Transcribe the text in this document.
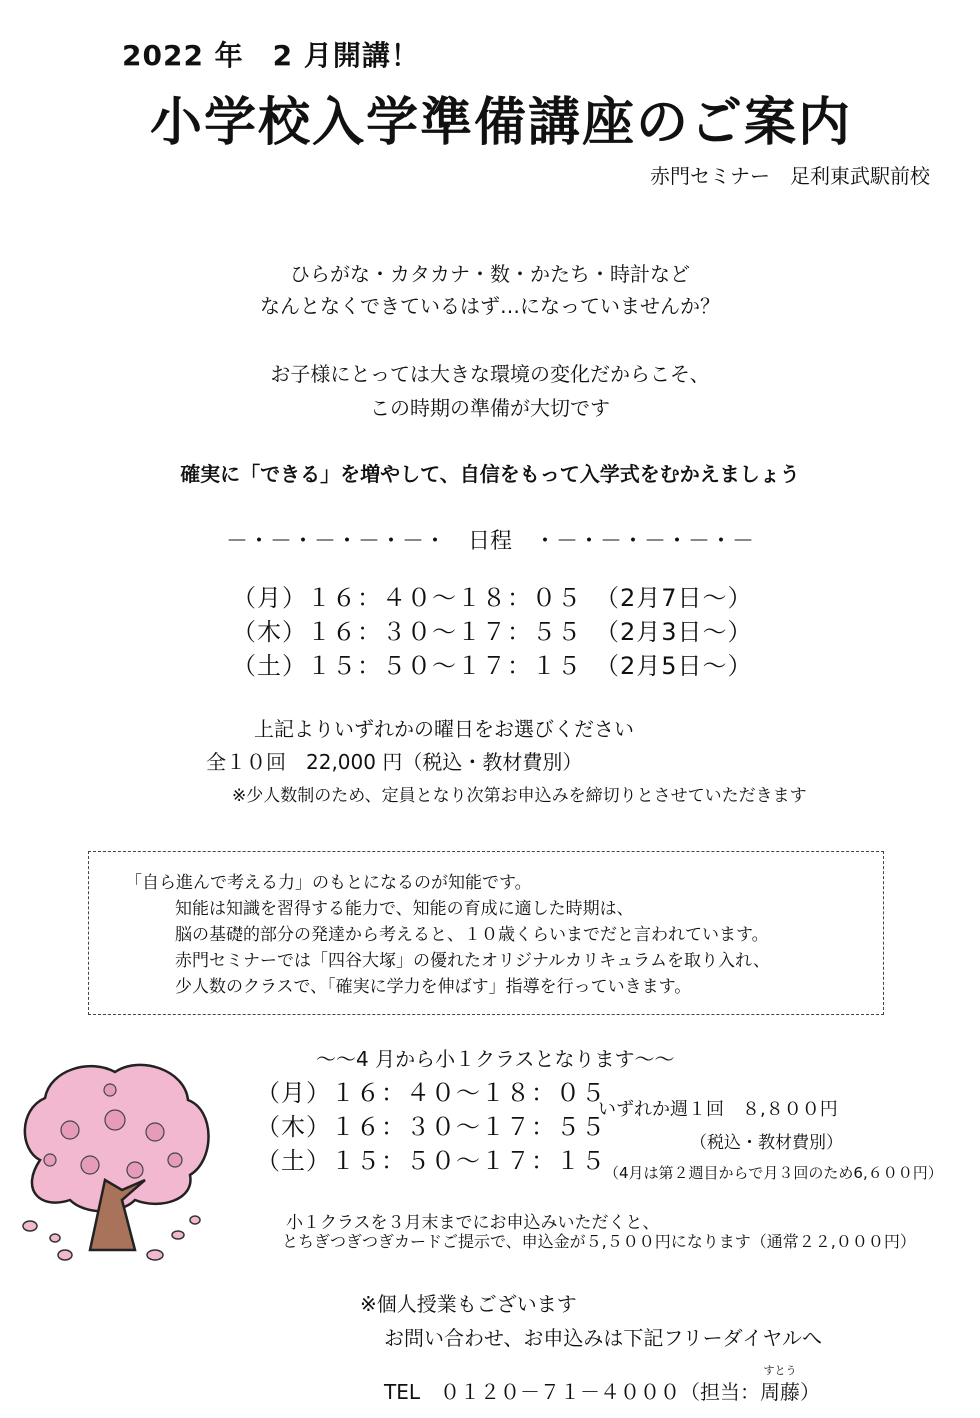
2022 年　2 月開講！
小学校入学準備講座のご案内
赤門セミナー　足利東武駅前校
ひらがな・カタカナ・数・かたち・時計など
なんとなくできているはず…になっていませんか？
お子様にとっては大きな環境の変化だからこそ、
この時期の準備が大切です
確実に「できる」を増やして、自信をもって入学式をむかえましょう
－・－・－・－・－・　日程　・－・－・－・－・－
（月）１６：４０～１８：０５　（2月7日～）
（木）１６：３０～１７：５５　（2月3日～）
（土）１５：５０～１７：１５　（2月5日～）
上記よりいずれかの曜日をお選びください
全１０回　22,000 円（税込・教材費別）
※少人数制のため、定員となり次第お申込みを締切りとさせていただきます
「自ら進んで考える力」のもとになるのが知能です。
知能は知識を習得する能力で、知能の育成に適した時期は、
脳の基礎的部分の発達から考えると、１０歳くらいまでだと言われています。
赤門セミナーでは「四谷大塚」の優れたオリジナルカリキュラムを取り入れ、
少人数のクラスで、「確実に学力を伸ばす」指導を行っていきます。
～～4 月から小１クラスとなります～～
（月）１６：４０～１８：０５
（木）１６：３０～１７：５５
（土）１５：５０～１７：１５
いずれか週１回　８,８００円
（税込・教材費別）
（4月は第２週目からで月３回のため6,６００円）
小１クラスを３月末までにお申込みいただくと、
とちぎつぎつぎカードご提示で、申込金が５,５００円になります（通常２２,０００円）
※個人授業もございます
お問い合わせ、お申込みは下記フリーダイヤルへ
TEL　０１２０－７１－４０００（担当：
すとう
周藤）
